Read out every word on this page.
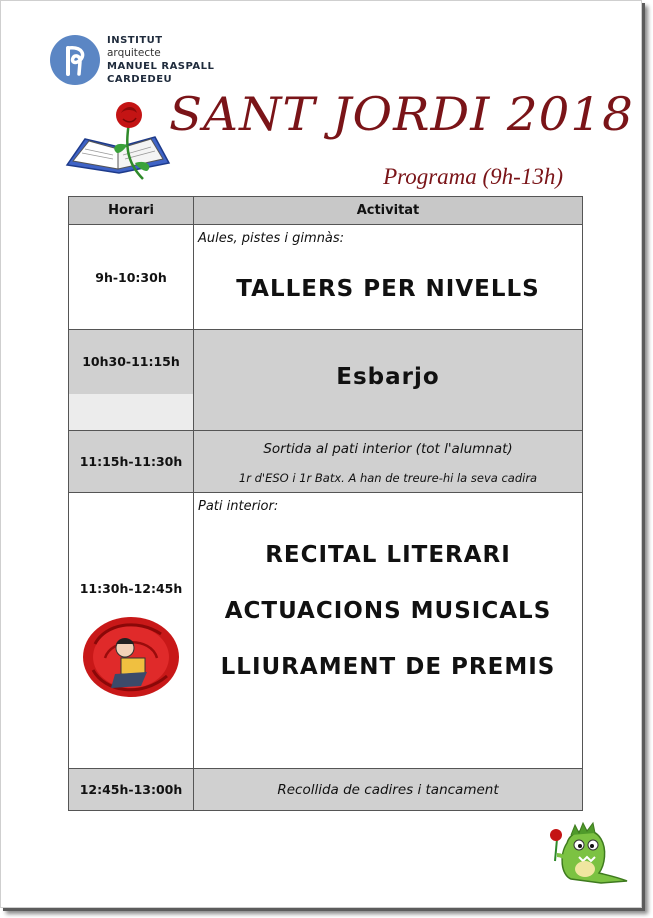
INSTITUT
arquitecte
MANUEL RASPALL
CARDEDEU
SANT JORDI 2018
Programa (9h-13h)
Horari	Activitat
9h-10:30h	Aules, pistes i gimnàs:
TALLERS PER NIVELLS

10h30-11:15h	Esbarjo

11:15h-11:30h	Sortida al pati interior (tot l'alumnat)
1r d'ESO i 1r Batx. A han de treure-hi la seva cadira

11:30h-12:45h	Pati interior:
RECITAL LITERARI
ACTUACIONS MUSICALS
LLIURAMENT DE PREMIS

12:45h-13:00h	Recollida de cadires i tancament
